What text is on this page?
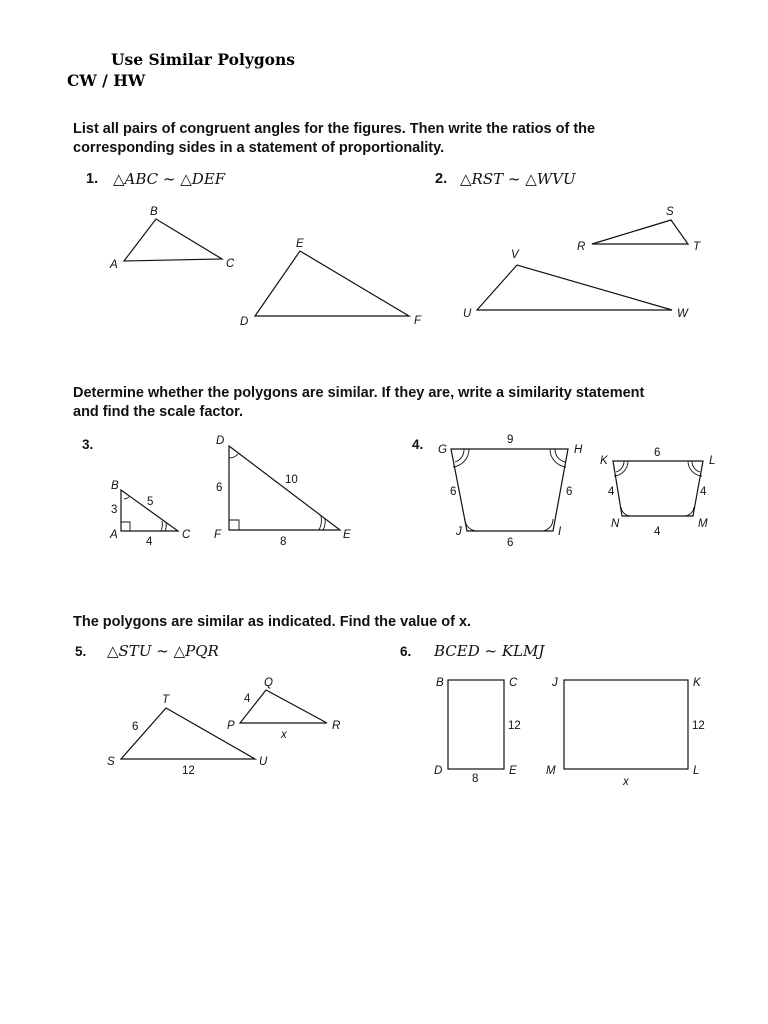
Use Similar Polygons
CW / HW
List all pairs of congruent angles for the figures. Then write the ratios of the corresponding sides in a statement of proportionality.
1. △ABC ~ △DEF	2. △RST ~ △WVU
Determine whether the polygons are similar. If they are, write a similarity statement and find the scale factor.
3.	4.
The polygons are similar as indicated. Find the value of x.
5. △STU ~ △PQR	6. BCED ~ KLMJ
A
B
C
D
E
F
R
S
T
U
V
W
A
B
C
3
5
4
D
E
F
6
10
8
G	H
I
J
9
6	6
6
K	L
M
N
6
4	4
4
S
T
U
6
12
P
Q
R
4
x
B	C
D	E
12
8
J	K
L
M
12
x
